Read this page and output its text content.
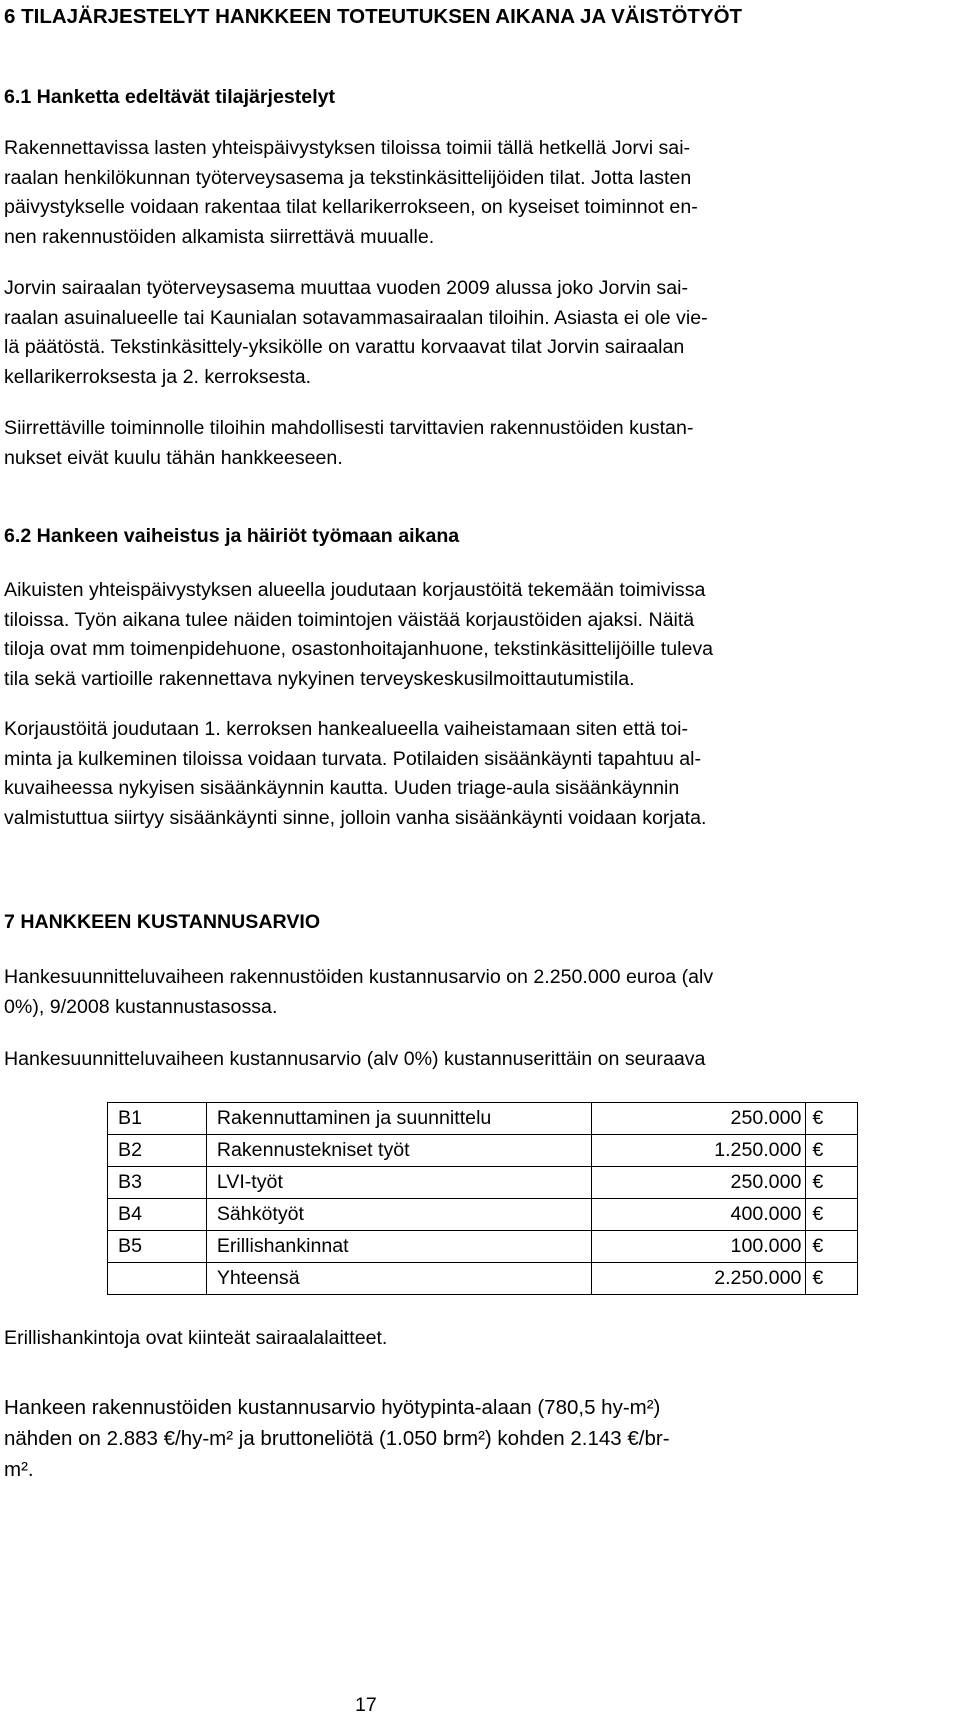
6 TILAJÄRJESTELYT HANKKEEN TOTEUTUKSEN AIKANA JA VÄISTÖTYÖT
6.1 Hanketta edeltävät tilajärjestelyt

Rakennettavissa lasten yhteispäivystyksen tiloissa toimii tällä hetkellä Jorvi sai-
raalan henkilökunnan työterveysasema ja tekstinkäsittelijöiden tilat. Jotta lasten
päivystykselle voidaan rakentaa tilat kellarikerrokseen, on kyseiset toiminnot en-
nen rakennustöiden alkamista siirrettävä muualle.

Jorvin sairaalan työterveysasema muuttaa vuoden 2009 alussa joko Jorvin sai-
raalan asuinalueelle tai Kaunialan sotavammasairaalan tiloihin. Asiasta ei ole vie-
lä päätöstä. Tekstinkäsittely-yksikölle on varattu korvaavat tilat Jorvin sairaalan
kellarikerroksesta ja 2. kerroksesta.

Siirrettäville toiminnolle tiloihin mahdollisesti tarvittavien rakennustöiden kustan-
nukset eivät kuulu tähän hankkeeseen.

6.2 Hankeen vaiheistus ja häiriöt työmaan aikana

Aikuisten yhteispäivystyksen alueella joudutaan korjaustöitä tekemään toimivissa
tiloissa. Työn aikana tulee näiden toimintojen väistää korjaustöiden ajaksi. Näitä
tiloja ovat mm toimenpidehuone, osastonhoitajanhuone, tekstinkäsittelijöille tuleva
tila sekä vartioille rakennettava nykyinen terveyskeskusilmoittautumistila.

Korjaustöitä joudutaan 1. kerroksen hankealueella vaiheistamaan siten että toi-
minta ja kulkeminen tiloissa voidaan turvata. Potilaiden sisäänkäynti tapahtuu al-
kuvaiheessa nykyisen sisäänkäynnin kautta. Uuden triage-aula sisäänkäynnin
valmistuttua siirtyy sisäänkäynti sinne, jolloin vanha sisäänkäynti voidaan korjata.

7 HANKKEEN KUSTANNUSARVIO

Hankesuunnitteluvaiheen rakennustöiden kustannusarvio on 2.250.000 euroa (alv
0%), 9/2008 kustannustasossa.

Hankesuunnitteluvaiheen kustannusarvio (alv 0%) kustannuserittäin on seuraava

B1	Rakennuttaminen ja suunnittelu	250.000	€
B2	Rakennustekniset työt	1.250.000	€
B3	LVI-työt	250.000	€
B4	Sähkötyöt	400.000	€
B5	Erillishankinnat	100.000	€
	Yhteensä	2.250.000	€

Erillishankintoja ovat kiinteät sairaalalaitteet.

Hankeen rakennustöiden kustannusarvio hyötypinta-alaan (780,5 hy-m²)
nähden on 2.883 €/hy-m² ja bruttoneliötä (1.050 brm²) kohden 2.143 €/br-
m².

17
